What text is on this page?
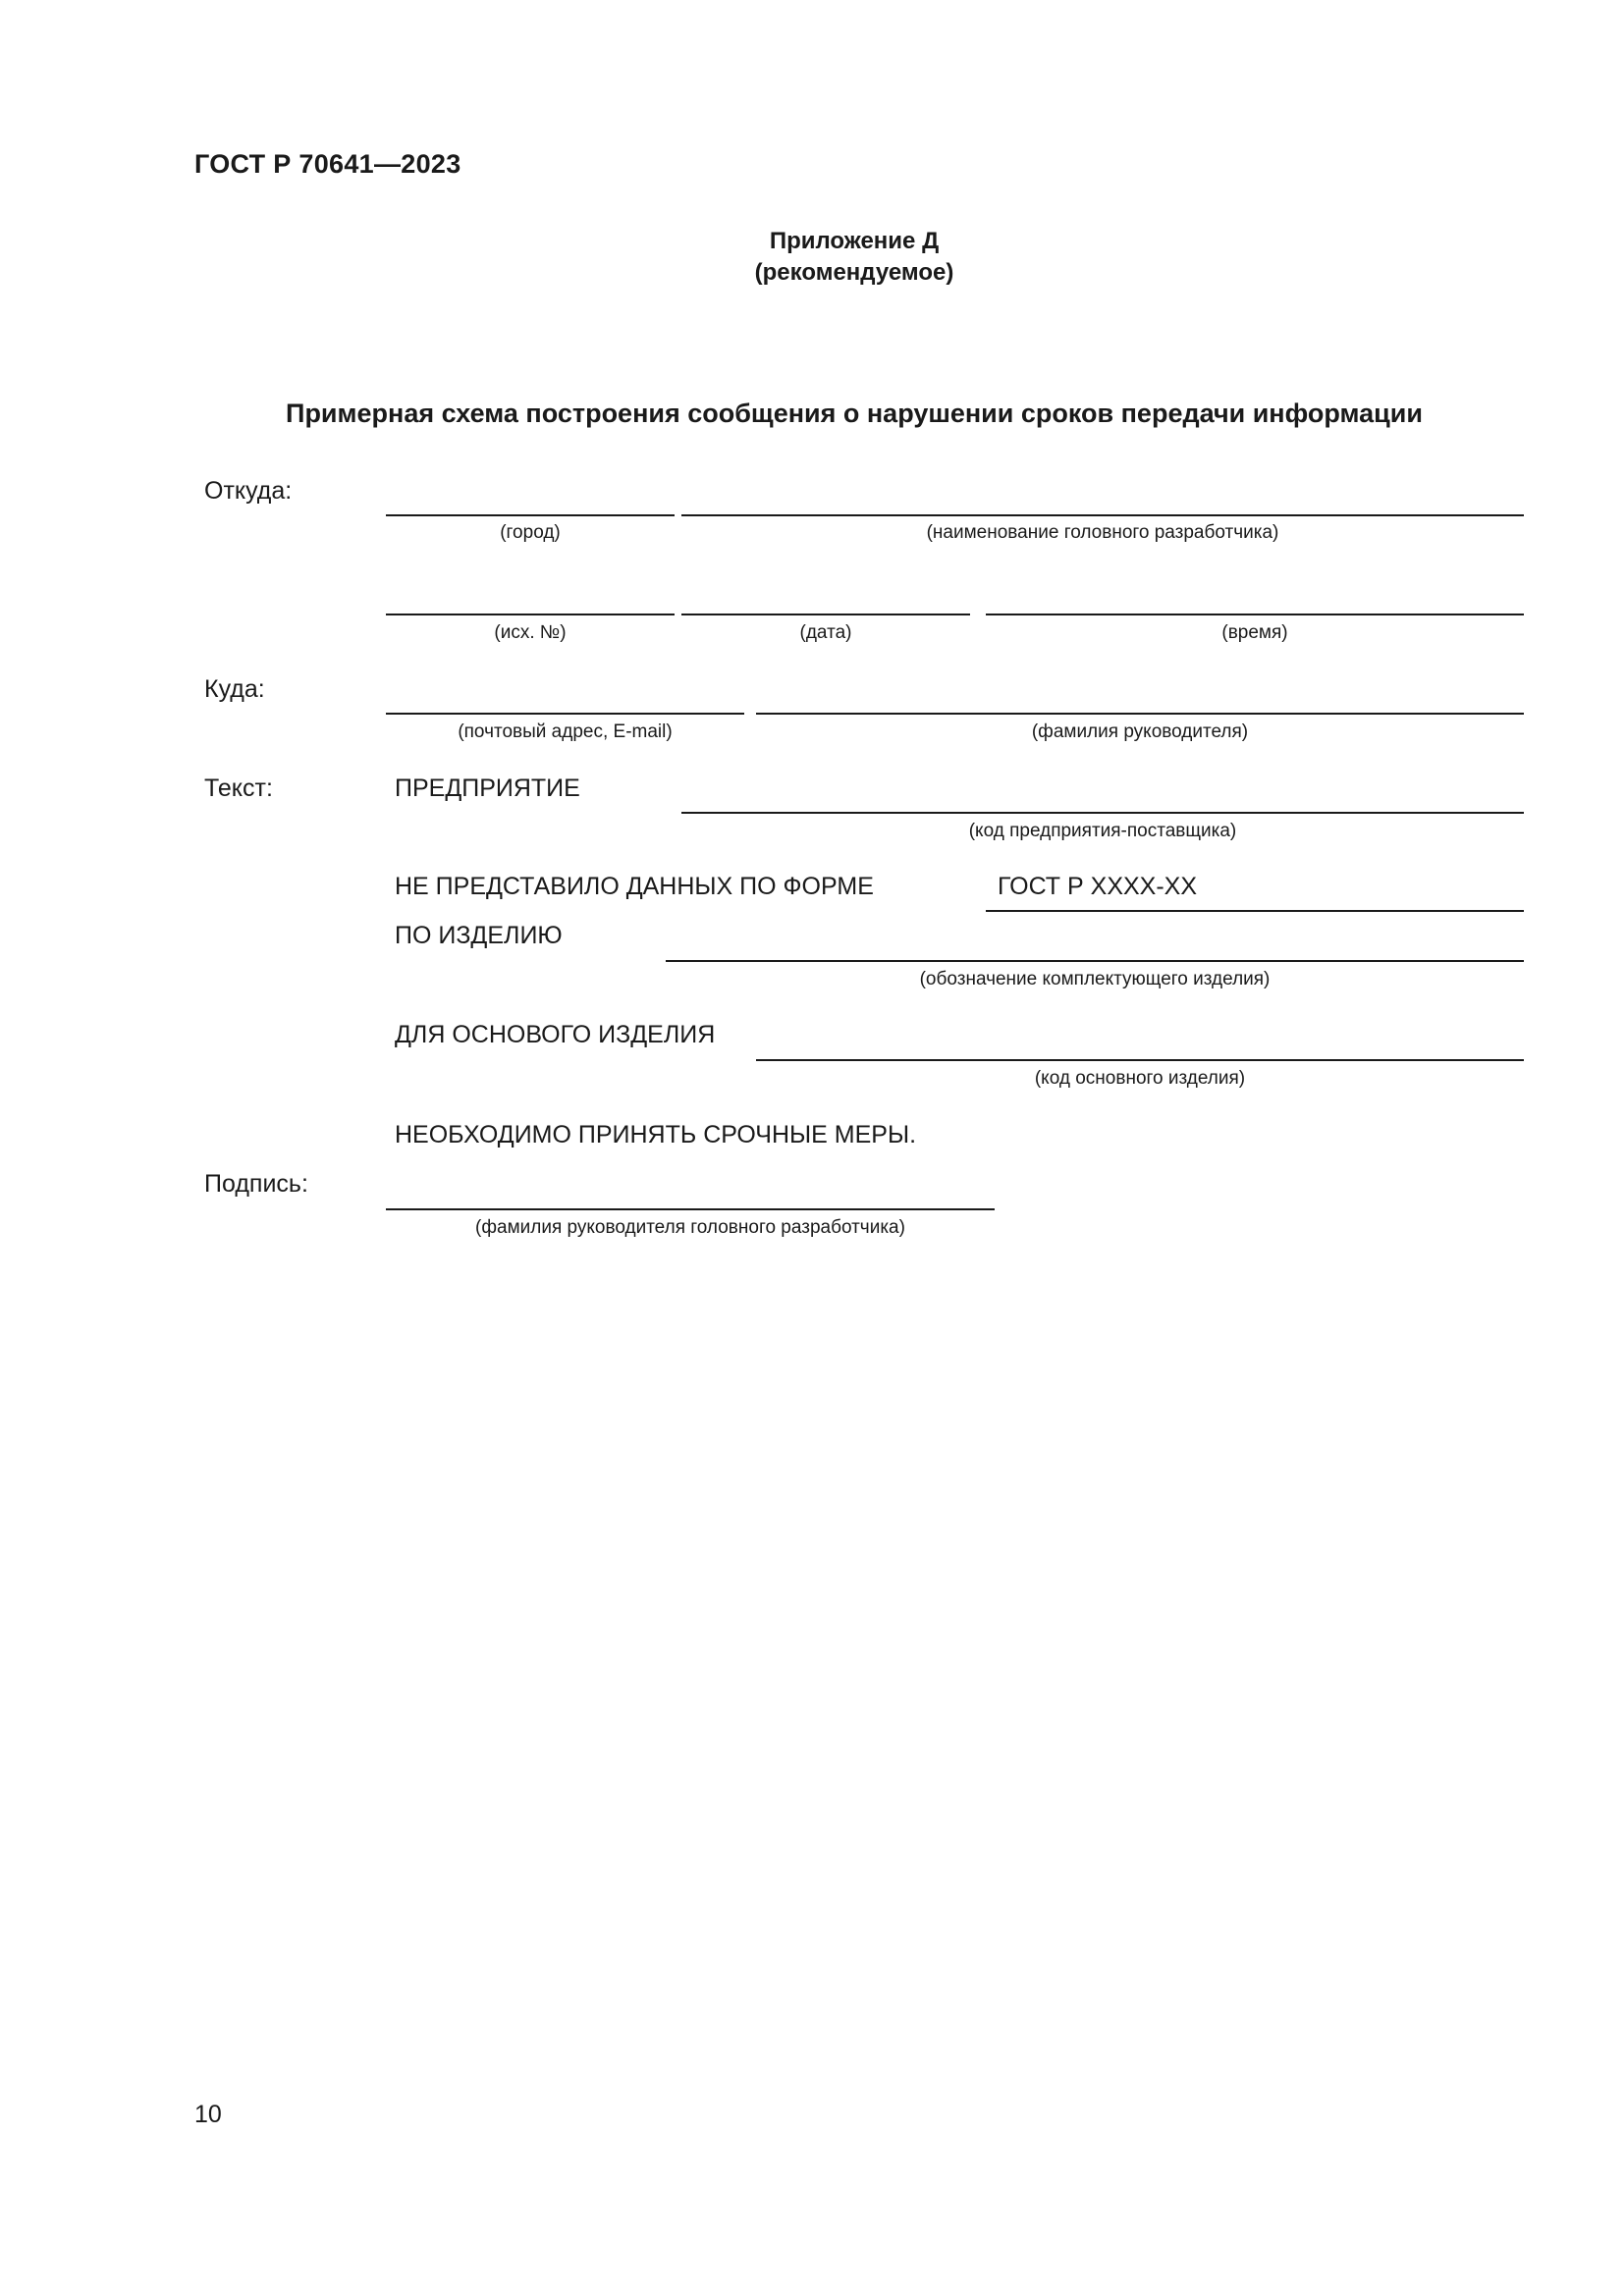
ГОСТ Р 70641—2023
Приложение Д
(рекомендуемое)
Примерная схема построения сообщения о нарушении сроков передачи информации
Откуда:
(город)	(наименование головного разработчика)
(исх. №)	(дата)	(время)
Куда:
(почтовый адрес, E-mail)	(фамилия руководителя)
Текст:	ПРЕДПРИЯТИЕ
(код предприятия-поставщика)
НЕ ПРЕДСТАВИЛО ДАННЫХ ПО ФОРМЕ	ГОСТ Р ХХХХ-ХХ
ПО ИЗДЕЛИЮ
(обозначение комплектующего изделия)
ДЛЯ ОСНОВОГО ИЗДЕЛИЯ
(код основного изделия)
НЕОБХОДИМО ПРИНЯТЬ СРОЧНЫЕ МЕРЫ.
Подпись:
(фамилия руководителя головного разработчика)
10
